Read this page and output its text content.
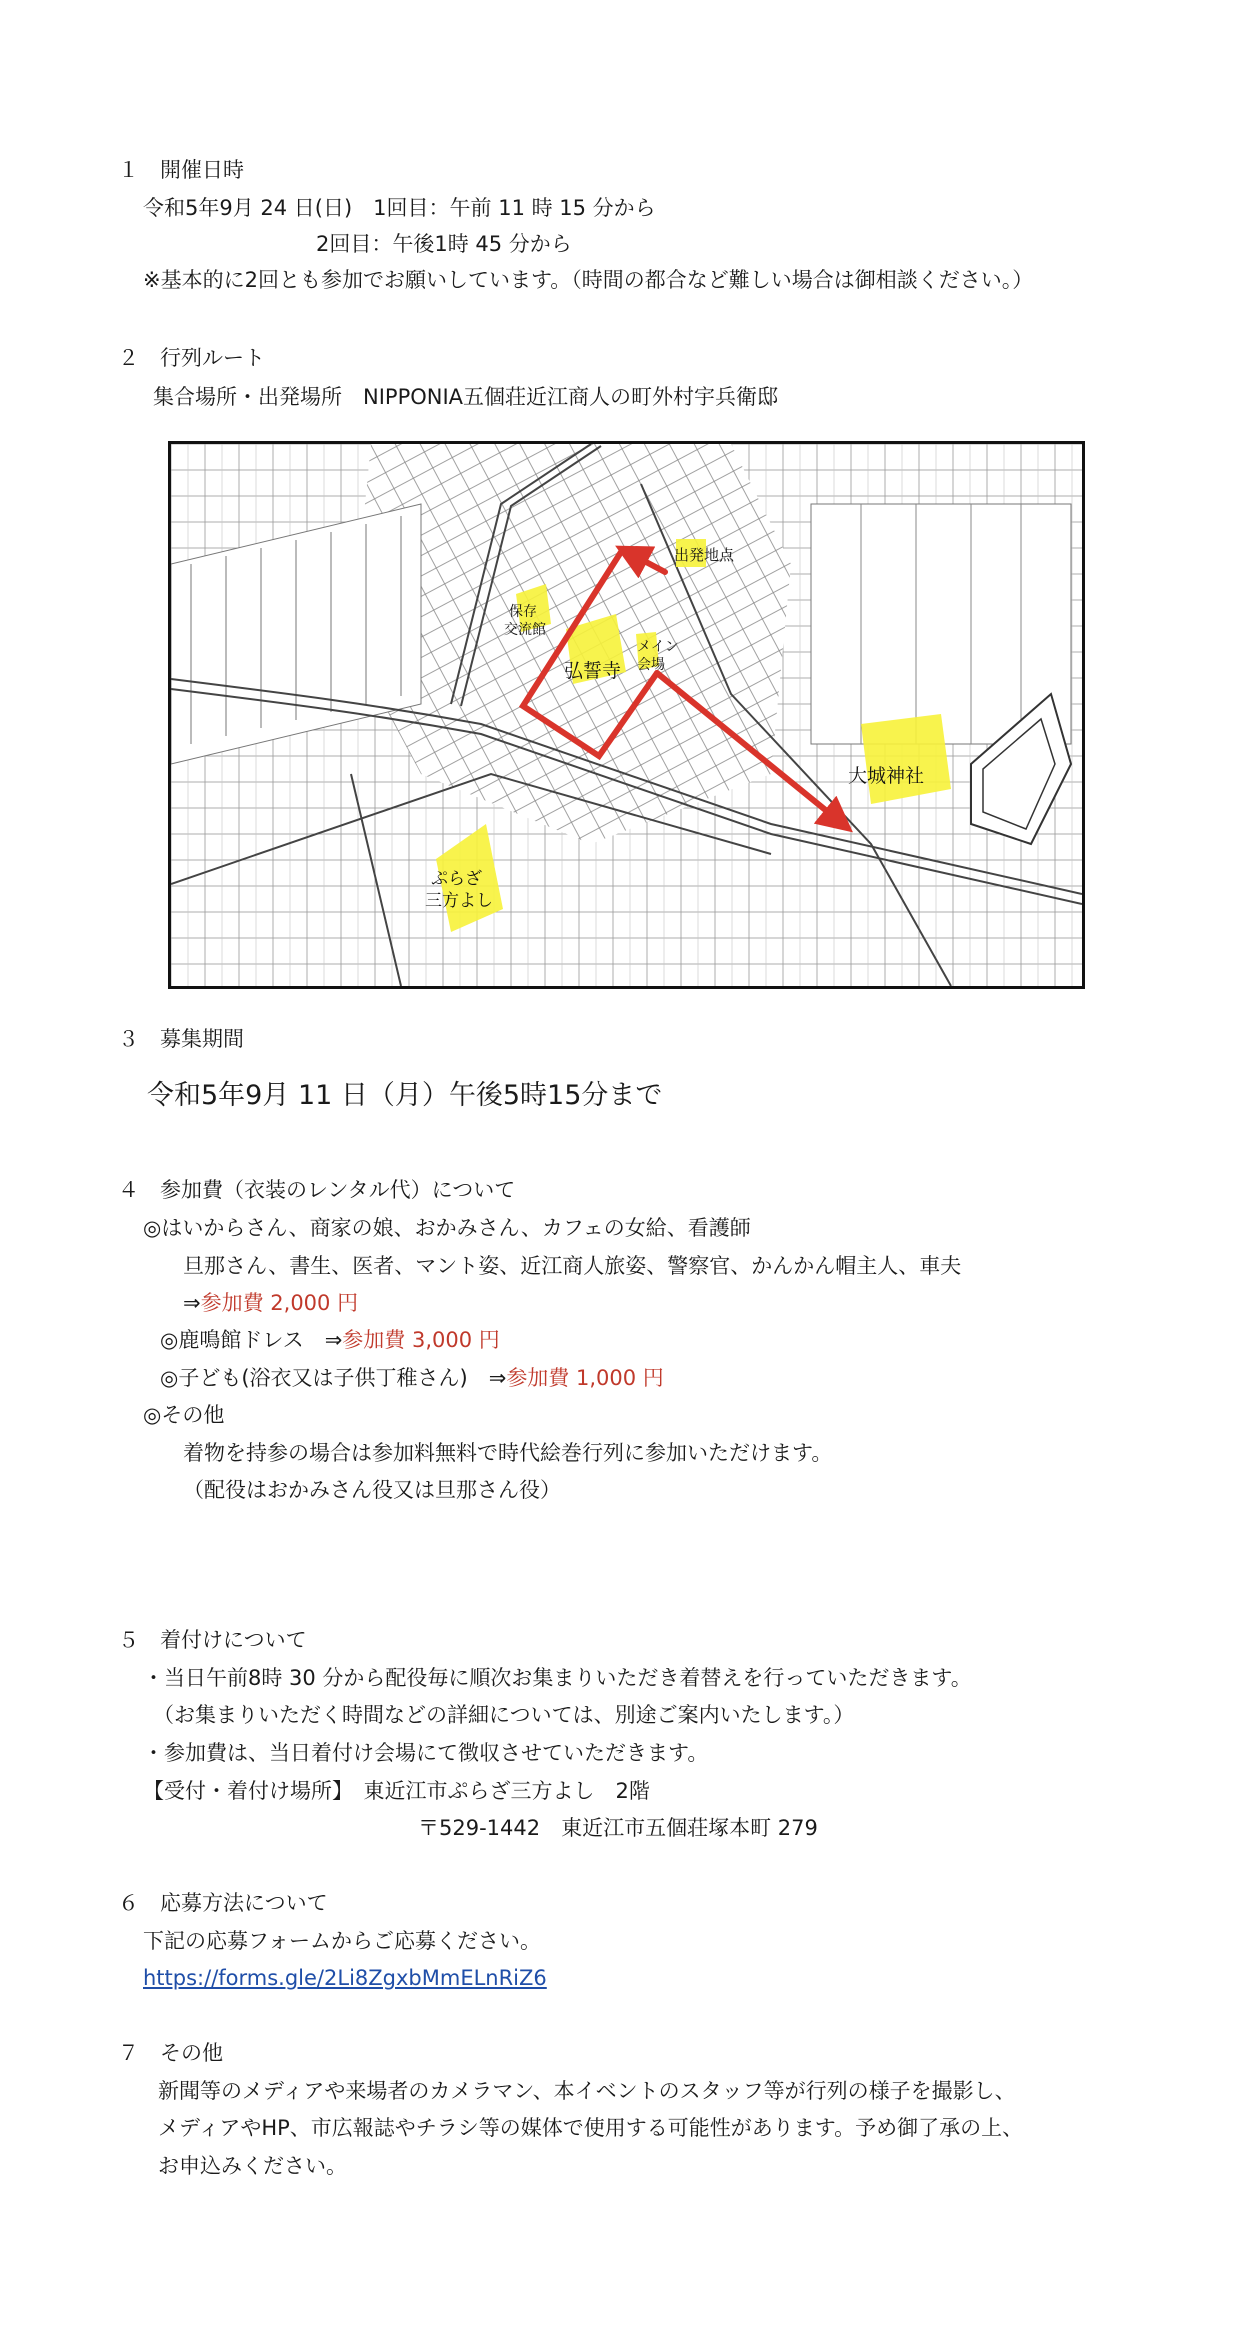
１　開催日時
令和5年9月 24 日(日)　1回目：午前 11 時 15 分から
2回目：午後1時 45 分から
※基本的に2回とも参加でお願いしています。（時間の都合など難しい場合は御相談ください。）
２　行列ルート
集合場所・出発場所　NIPPONIA五個荘近江商人の町外村宇兵衛邸
出発地点
保存
交流館
弘誓寺
メイン
会場
大城神社
ぷらざ
三方よし
３　募集期間
令和5年9月 11 日（月）午後5時15分まで
４　参加費（衣装のレンタル代）について
◎はいからさん、商家の娘、おかみさん、カフェの女給、看護師
旦那さん、書生、医者、マント姿、近江商人旅姿、警察官、かんかん帽主人、車夫
⇒参加費 2,000 円
◎鹿鳴館ドレス　⇒参加費 3,000 円
◎子ども(浴衣又は子供丁稚さん)　⇒参加費 1,000 円
◎その他
着物を持参の場合は参加料無料で時代絵巻行列に参加いただけます。
（配役はおかみさん役又は旦那さん役）
５　着付けについて
・当日午前8時 30 分から配役毎に順次お集まりいただき着替えを行っていただきます。
（お集まりいただく時間などの詳細については、別途ご案内いたします。）
・参加費は、当日着付け会場にて徴収させていただきます。
【受付・着付け場所】　東近江市ぷらざ三方よし　2階
〒529-1442　東近江市五個荘塚本町 279
６　応募方法について
下記の応募フォームからご応募ください。
https://forms.gle/2Li8ZgxbMmELnRiZ6
７　その他
新聞等のメディアや来場者のカメラマン、本イベントのスタッフ等が行列の様子を撮影し、
メディアやHP、市広報誌やチラシ等の媒体で使用する可能性があります。予め御了承の上、
お申込みください。
